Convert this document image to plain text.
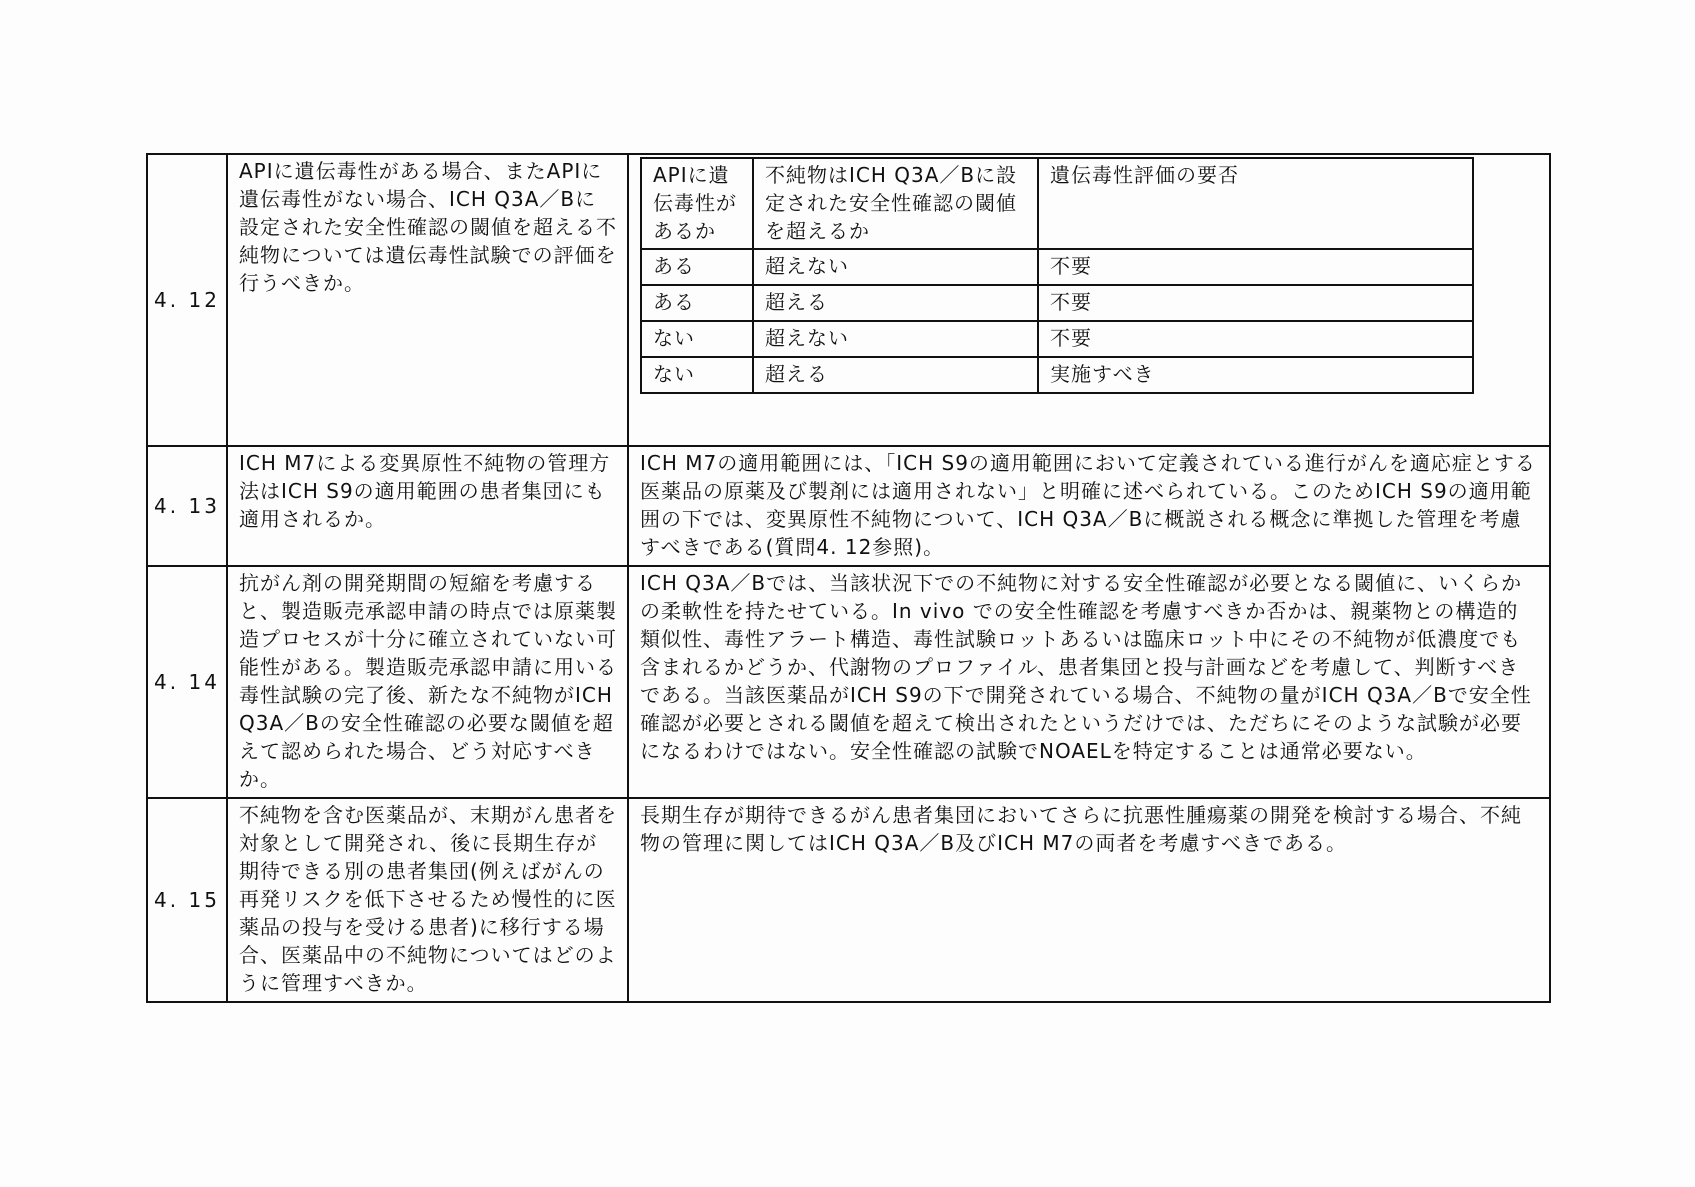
4. 12	APIに遺伝毒性がある場合、またAPIに遺伝毒性がない場合、ICH Q3A／Bに設定された安全性確認の閾値を超える不純物については遺伝毒性試験での評価を行うべきか。	
APIに遺伝毒性があるか	不純物はICH Q3A／Bに設定された安全性確認の閾値を超えるか	遺伝毒性評価の要否
ある	超えない	不要
ある	超える	不要
ない	超えない	不要
ない	超える	実施すべき

4. 13	ICH M7による変異原性不純物の管理方法はICH S9の適用範囲の患者集団にも適用されるか。	ICH M7の適用範囲には、「ICH S9の適用範囲において定義されている進行がんを適応症とする医薬品の原薬及び製剤には適用されない」と明確に述べられている。このためICH S9の適用範囲の下では、変異原性不純物について、ICH Q3A／Bに概説される概念に準拠した管理を考慮すべきである(質問4. 12参照)。
4. 14	抗がん剤の開発期間の短縮を考慮すると、製造販売承認申請の時点では原薬製造プロセスが十分に確立されていない可能性がある。製造販売承認申請に用いる毒性試験の完了後、新たな不純物がICH Q3A／Bの安全性確認の必要な閾値を超えて認められた場合、どう対応すべきか。	ICH Q3A／Bでは、当該状況下での不純物に対する安全性確認が必要となる閾値に、いくらかの柔軟性を持たせている。In vivo での安全性確認を考慮すべきか否かは、親薬物との構造的類似性、毒性アラート構造、毒性試験ロットあるいは臨床ロット中にその不純物が低濃度でも含まれるかどうか、代謝物のプロファイル、患者集団と投与計画などを考慮して、判断すべきである。当該医薬品がICH S9の下で開発されている場合、不純物の量がICH Q3A／Bで安全性確認が必要とされる閾値を超えて検出されたというだけでは、ただちにそのような試験が必要になるわけではない。安全性確認の試験でNOAELを特定することは通常必要ない。
4. 15	不純物を含む医薬品が、末期がん患者を対象として開発され、後に長期生存が期待できる別の患者集団(例えばがんの再発リスクを低下させるため慢性的に医薬品の投与を受ける患者)に移行する場合、医薬品中の不純物についてはどのように管理すべきか。	長期生存が期待できるがん患者集団においてさらに抗悪性腫瘍薬の開発を検討する場合、不純物の管理に関してはICH Q3A／B及びICH M7の両者を考慮すべきである。
